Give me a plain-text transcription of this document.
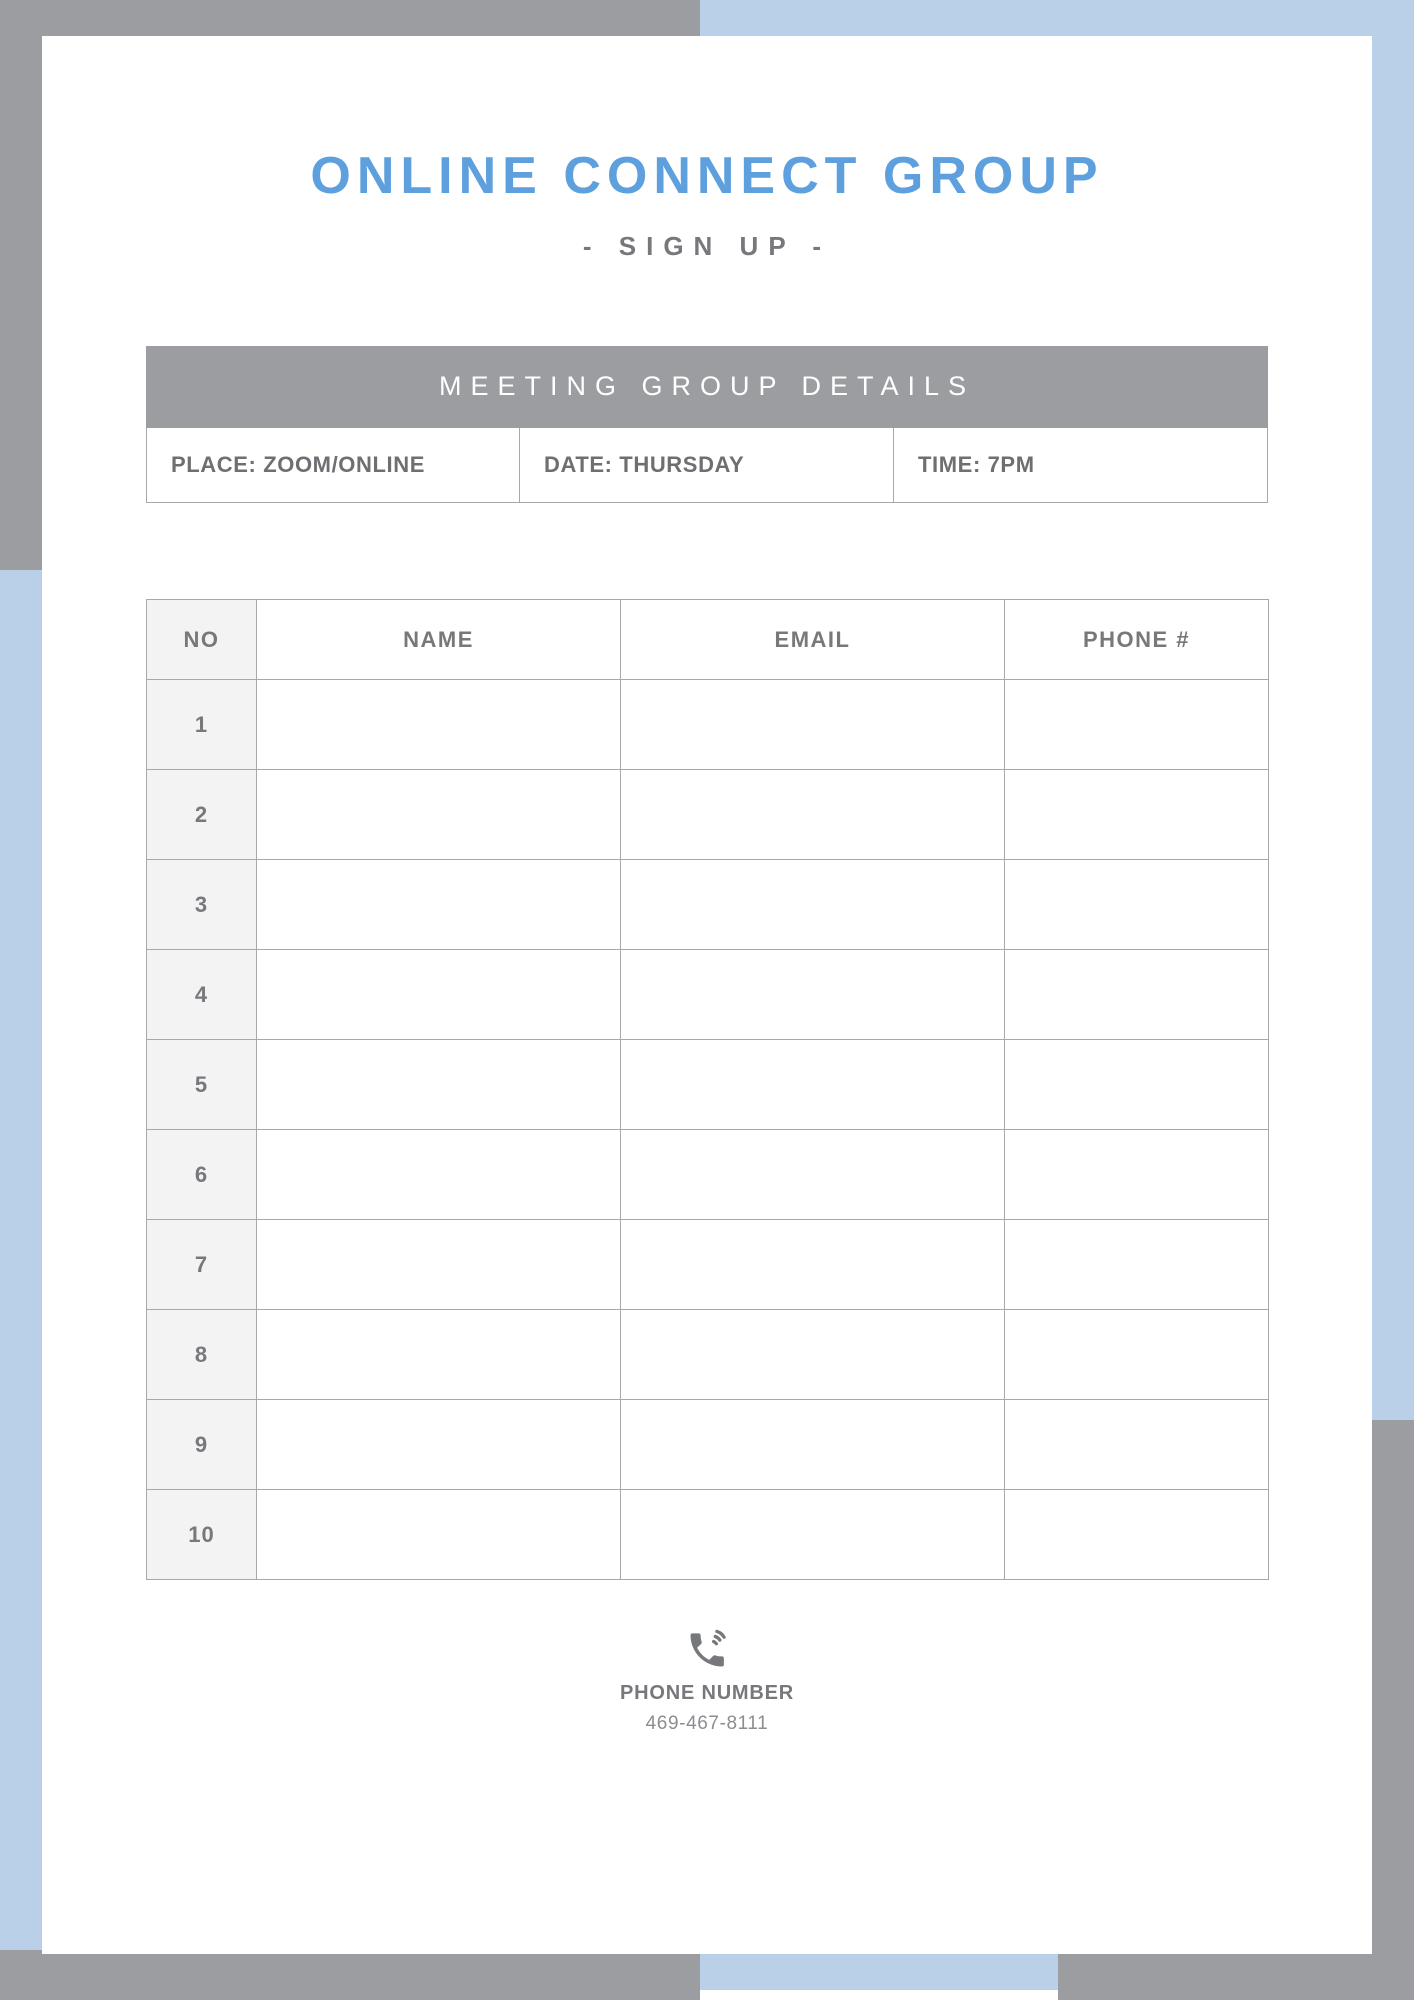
ONLINE CONNECT GROUP
- SIGN UP -
MEETING GROUP DETAILS
PLACE: ZOOM/ONLINE	DATE: THURSDAY	TIME: 7PM
NO	NAME	EMAIL	PHONE #
1			
2			
3			
4			
5			
6			
7			
8			
9			
10			
PHONE NUMBER
469-467-8111
